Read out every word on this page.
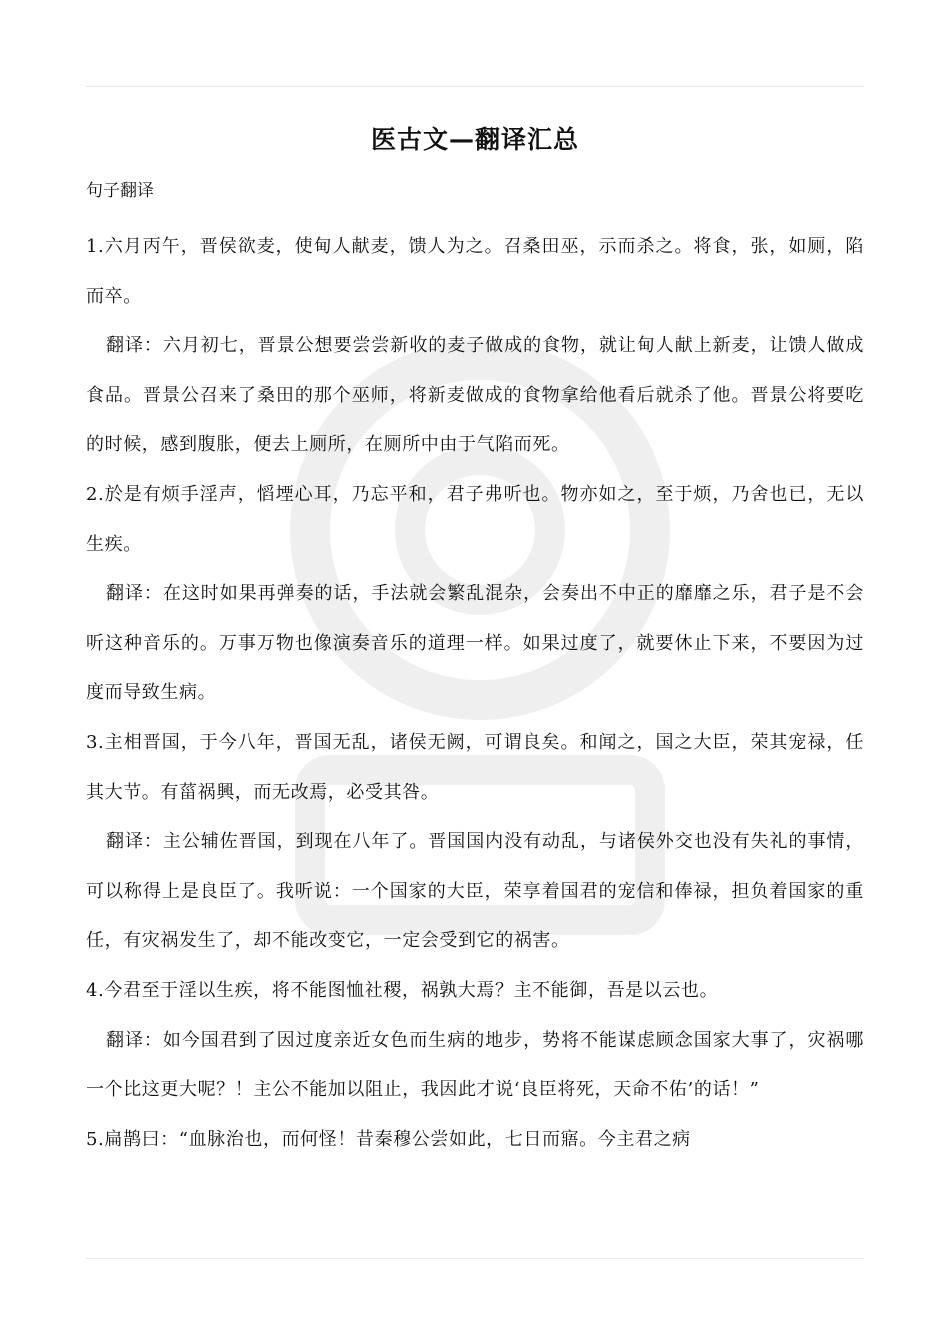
医古文—翻译汇总
句子翻译

1.六月丙午，晋侯欲麦，使甸人献麦，馈人为之。召桑田巫，示而杀之。将食，张，如厕，陷而卒。

翻译：六月初七，晋景公想要尝尝新收的麦子做成的食物，就让甸人献上新麦，让馈人做成食品。晋景公召来了桑田的那个巫师，将新麦做成的食物拿给他看后就杀了他。晋景公将要吃的时候，感到腹胀，便去上厕所，在厕所中由于气陷而死。

2.於是有烦手淫声，慆堙心耳，乃忘平和，君子弗听也。物亦如之，至于烦，乃舍也已，无以生疾。

翻译：在这时如果再弹奏的话，手法就会繁乱混杂，会奏出不中正的靡靡之乐，君子是不会听这种音乐的。万事万物也像演奏音乐的道理一样。如果过度了，就要休止下来，不要因为过度而导致生病。

3.主相晋国，于今八年，晋国无乱，诸侯无阙，可谓良矣。和闻之，国之大臣，荣其宠禄，任其大节。有菑祸興，而无改焉，必受其咎。

翻译：主公辅佐晋国，到现在八年了。晋国国内没有动乱，与诸侯外交也没有失礼的事情，可以称得上是良臣了。我听说：一个国家的大臣，荣享着国君的宠信和俸禄，担负着国家的重任，有灾祸发生了，却不能改变它，一定会受到它的祸害。

4.今君至于淫以生疾，将不能图恤社稷，祸孰大焉？主不能御，吾是以云也。

翻译：如今国君到了因过度亲近女色而生病的地步，势将不能谋虑顾念国家大事了，灾祸哪一个比这更大呢？！主公不能加以阻止，我因此才说‘良臣将死，天命不佑’的话！”

5.扁鹊曰：“血脉治也，而何怪！昔秦穆公尝如此，七日而寤。今主君之病
